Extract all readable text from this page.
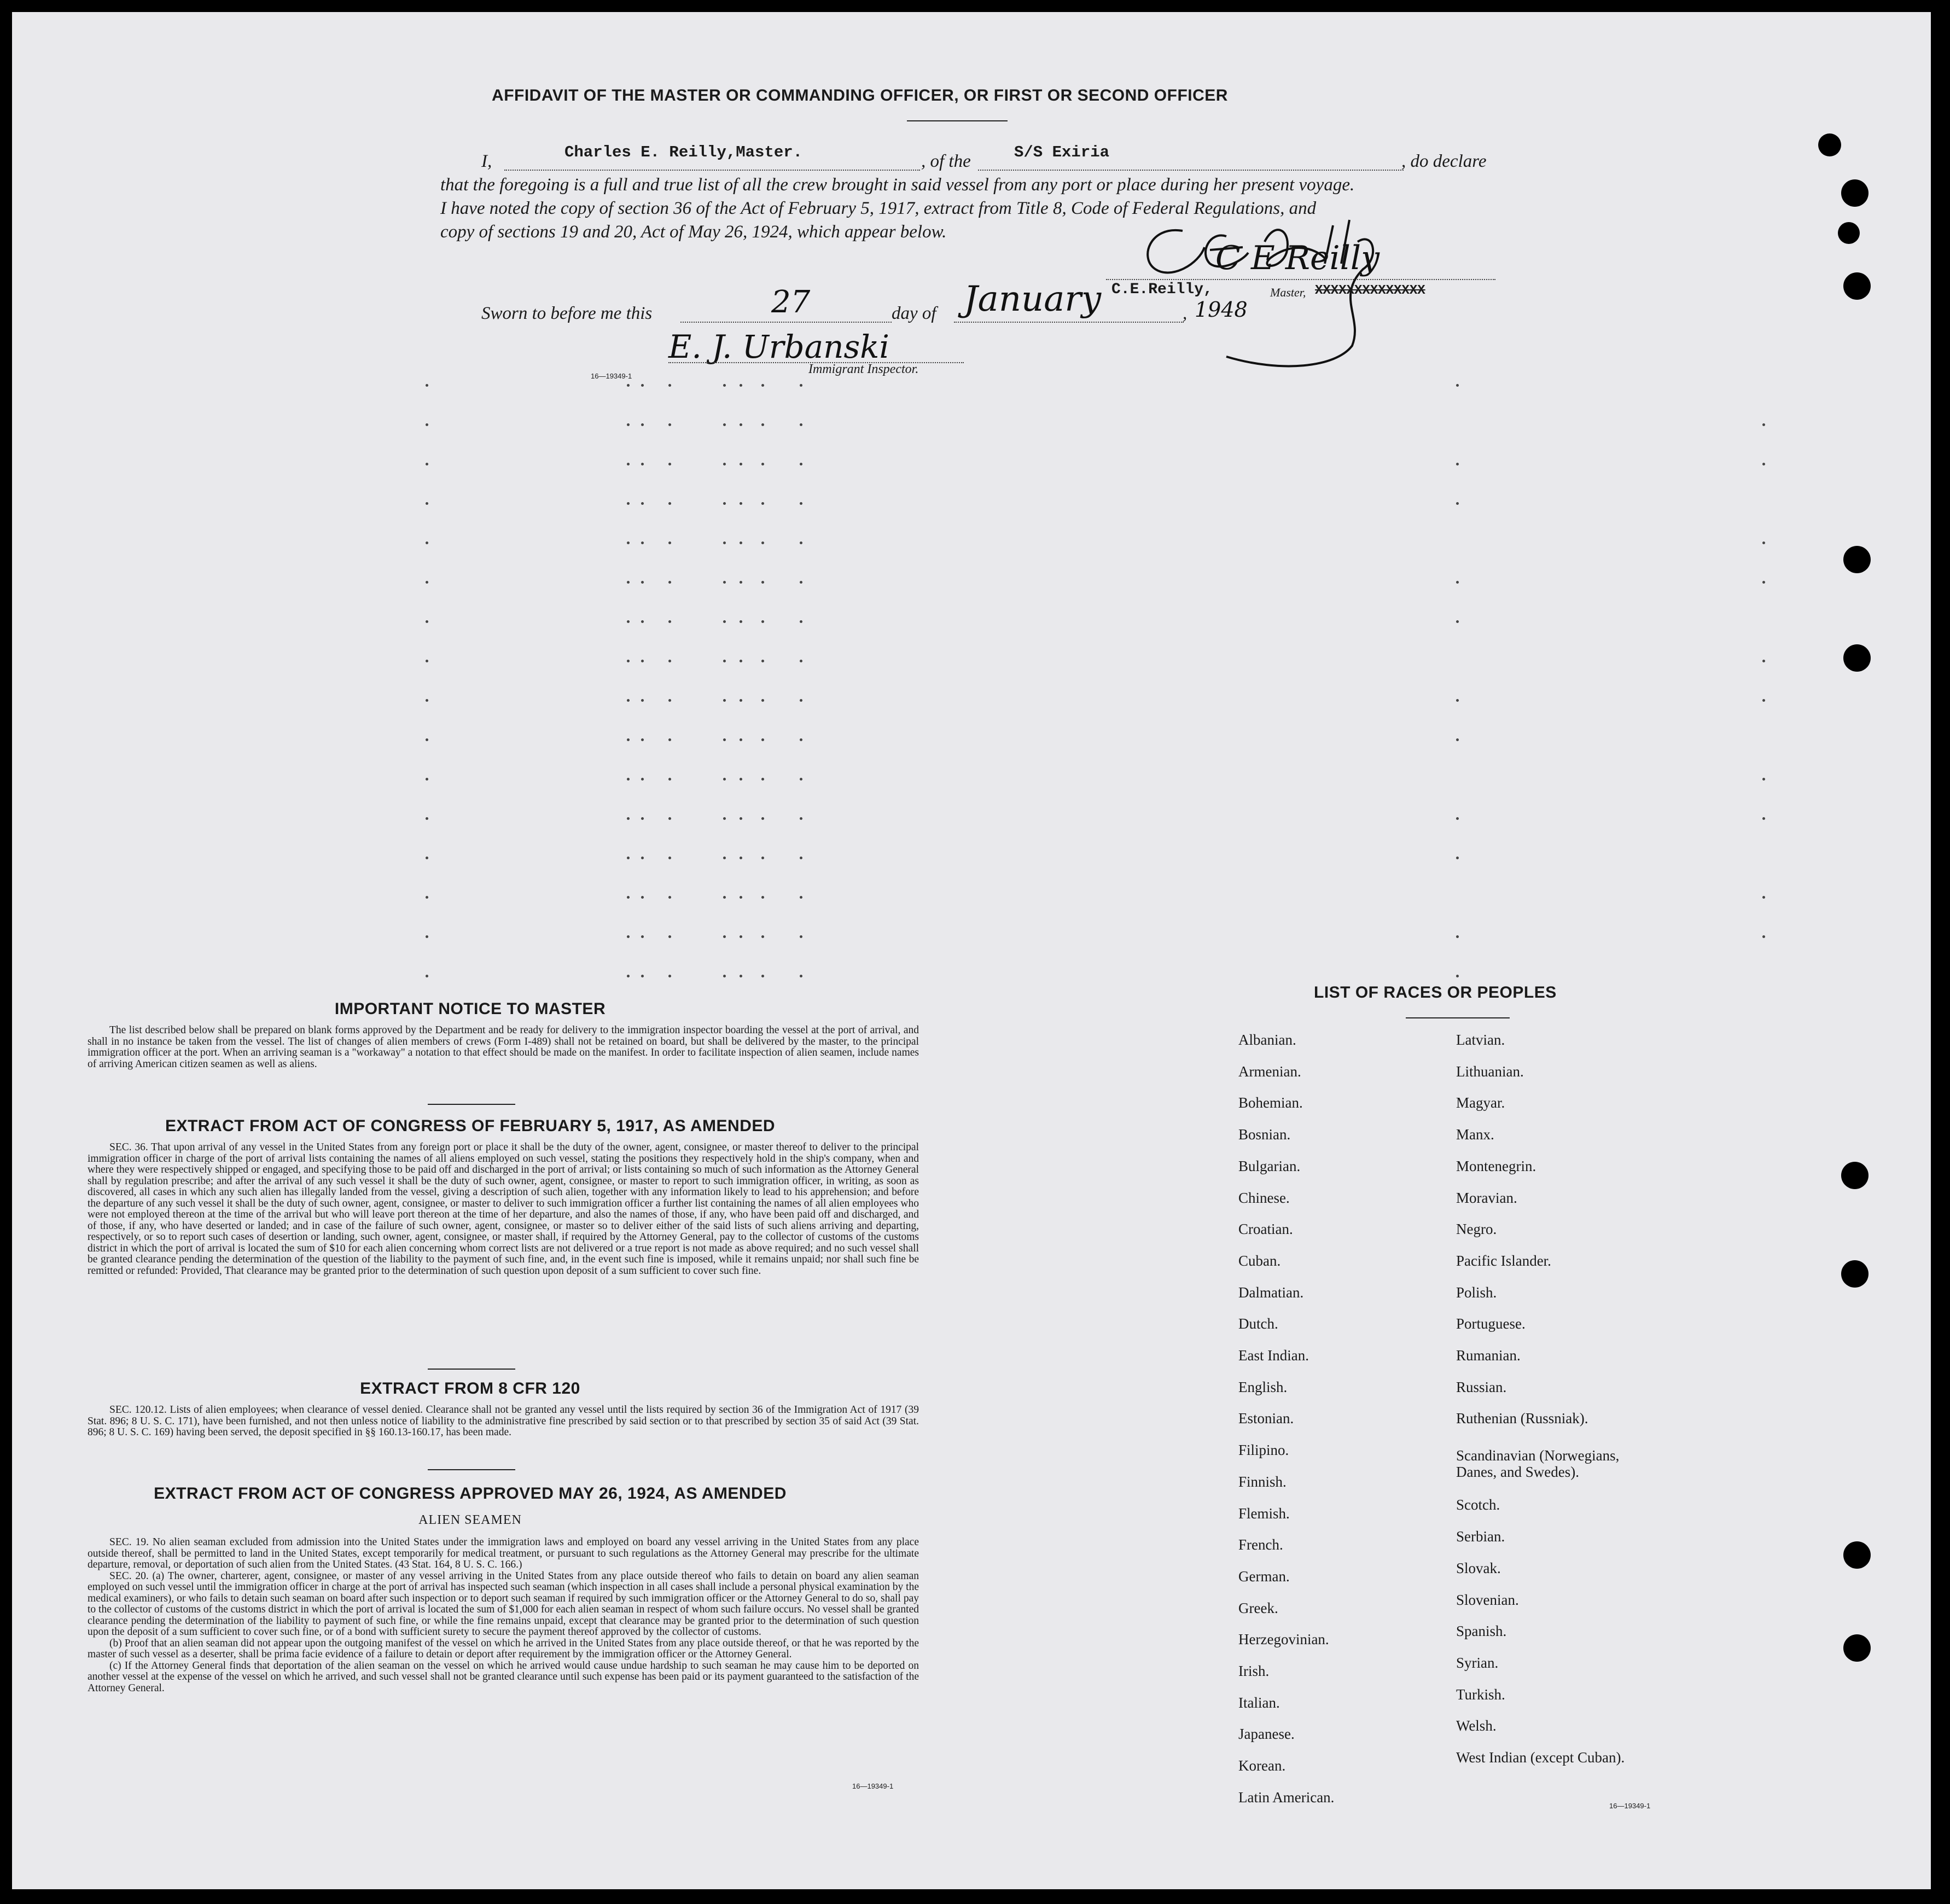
AFFIDAVIT OF THE MASTER OR COMMANDING OFFICER, OR FIRST OR SECOND OFFICER
I,	Charles E. Reilly,Master.	, of the	S/S Exiria	, do declare
that the foregoing is a full and true list of all the crew brought in said vessel from any port or place during her present voyage.
I have noted the copy of section 36 of the Act of February 5, 1917, extract from Title 8, Code of Federal Regulations, and
copy of sections 19 and 20, Act of May 26, 1924, which appear below.
C E Reilly
C.E.Reilly,	Master, XXXXXXXXXXXXXX
Sworn to before me this	27	day of January	, 1948
E. J. Urbanski
16—19349-1	Immigrant Inspector.
IMPORTANT NOTICE TO MASTER

The list described below shall be prepared on blank forms approved by the Department and be ready for delivery to the immigration inspector boarding the vessel at the port of arrival, and shall in no instance be taken from the vessel. The list of changes of alien members of crews (Form I-489) shall not be retained on board, but shall be delivered by the master, to the principal immigration officer at the port. When an arriving seaman is a "workaway" a notation to that effect should be made on the manifest. In order to facilitate inspection of alien seamen, include names of arriving American citizen seamen as well as aliens.

EXTRACT FROM ACT OF CONGRESS OF FEBRUARY 5, 1917, AS AMENDED

SEC. 36. That upon arrival of any vessel in the United States from any foreign port or place it shall be the duty of the owner, agent, consignee, or master thereof to deliver to the principal immigration officer in charge of the port of arrival lists containing the names of all aliens employed on such vessel, stating the positions they respectively hold in the ship's company, when and where they were respectively shipped or engaged, and specifying those to be paid off and discharged in the port of arrival; or lists containing so much of such information as the Attorney General shall by regulation prescribe; and after the arrival of any such vessel it shall be the duty of such owner, agent, consignee, or master to report to such immigration officer, in writing, as soon as discovered, all cases in which any such alien has illegally landed from the vessel, giving a description of such alien, together with any information likely to lead to his apprehension; and before the departure of any such vessel it shall be the duty of such owner, agent, consignee, or master to deliver to such immigration officer a further list containing the names of all alien employees who were not employed thereon at the time of the arrival but who will leave port thereon at the time of her departure, and also the names of those, if any, who have been paid off and discharged, and of those, if any, who have deserted or landed; and in case of the failure of such owner, agent, consignee, or master so to deliver either of the said lists of such aliens arriving and departing, respectively, or so to report such cases of desertion or landing, such owner, agent, consignee, or master shall, if required by the Attorney General, pay to the collector of customs of the customs district in which the port of arrival is located the sum of $10 for each alien concerning whom correct lists are not delivered or a true report is not made as above required; and no such vessel shall be granted clearance pending the determination of the question of the liability to the payment of such fine, and, in the event such fine is imposed, while it remains unpaid; nor shall such fine be remitted or refunded: Provided, That clearance may be granted prior to the determination of such question upon deposit of a sum sufficient to cover such fine.

EXTRACT FROM 8 CFR 120

SEC. 120.12. Lists of alien employees; when clearance of vessel denied. Clearance shall not be granted any vessel until the lists required by section 36 of the Immigration Act of 1917 (39 Stat. 896; 8 U. S. C. 171), have been furnished, and not then unless notice of liability to the administrative fine prescribed by said section or to that prescribed by section 35 of said Act (39 Stat. 896; 8 U. S. C. 169) having been served, the deposit specified in §§ 160.13-160.17, has been made.

EXTRACT FROM ACT OF CONGRESS APPROVED MAY 26, 1924, AS AMENDED
ALIEN SEAMEN

SEC. 19. No alien seaman excluded from admission into the United States under the immigration laws and employed on board any vessel arriving in the United States from any place outside thereof, shall be permitted to land in the United States, except temporarily for medical treatment, or pursuant to such regulations as the Attorney General may prescribe for the ultimate departure, removal, or deportation of such alien from the United States. (43 Stat. 164, 8 U. S. C. 166.)

SEC. 20. (a) The owner, charterer, agent, consignee, or master of any vessel arriving in the United States from any place outside thereof who fails to detain on board any alien seaman employed on such vessel until the immigration officer in charge at the port of arrival has inspected such seaman (which inspection in all cases shall include a personal physical examination by the medical examiners), or who fails to detain such seaman on board after such inspection or to deport such seaman if required by such immigration officer or the Attorney General to do so, shall pay to the collector of customs of the customs district in which the port of arrival is located the sum of $1,000 for each alien seaman in respect of whom such failure occurs. No vessel shall be granted clearance pending the determination of the liability to payment of such fine, or while the fine remains unpaid, except that clearance may be granted prior to the determination of such question upon the deposit of a sum sufficient to cover such fine, or of a bond with sufficient surety to secure the payment thereof approved by the collector of customs.

(b) Proof that an alien seaman did not appear upon the outgoing manifest of the vessel on which he arrived in the United States from any place outside thereof, or that he was reported by the master of such vessel as a deserter, shall be prima facie evidence of a failure to detain or deport after requirement by the immigration officer or the Attorney General.

(c) If the Attorney General finds that deportation of the alien seaman on the vessel on which he arrived would cause undue hardship to such seaman he may cause him to be deported on another vessel at the expense of the vessel on which he arrived, and such vessel shall not be granted clearance until such expense has been paid or its payment guaranteed to the satisfaction of the Attorney General.

16—19349-1
LIST OF RACES OR PEOPLES
Albanian.
Armenian.
Bohemian.
Bosnian.
Bulgarian.
Chinese.
Croatian.
Cuban.
Dalmatian.
Dutch.
East Indian.
English.
Estonian.
Filipino.
Finnish.
Flemish.
French.
German.
Greek.
Herzegovinian.
Irish.
Italian.
Japanese.
Korean.
Latin American.
Latvian.
Lithuanian.
Magyar.
Manx.
Montenegrin.
Moravian.
Negro.
Pacific Islander.
Polish.
Portuguese.
Rumanian.
Russian.
Ruthenian (Russniak).
Scandinavian (Norwegians,
Danes, and Swedes).
Scotch.
Serbian.
Slovak.
Slovenian.
Spanish.
Syrian.
Turkish.
Welsh.
West Indian (except Cuban).
16—19349-1
